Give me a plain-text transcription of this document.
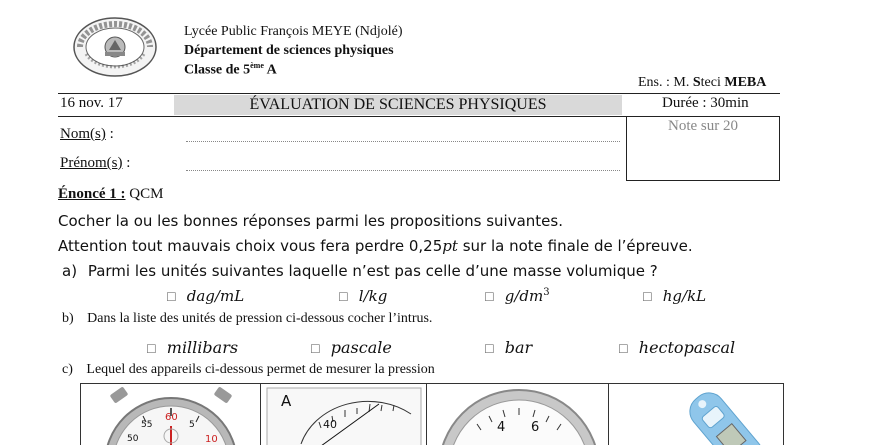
Lycée Public François MEYE (Ndjolé)
Département de sciences physiques
Classe de 5ème A
Ens. : M. Steci MEBA
16 nov. 17	ÉVALUATION DE SCIENCES PHYSIQUES	Durée : 30min
Nom(s) :
Prénom(s) :
Note sur 20
Énoncé 1 : QCM
Cocher la ou les bonnes réponses parmi les propositions suivantes.
Attention tout mauvais choix vous fera perdre 0,25pt sur la note finale de l’épreuve.
a) Parmi les unités suivantes laquelle n’est pas celle d’une masse volumique ?
☐ dag/mL	☐ l/kg	☐ $g/dm^3$	☐ hg/kL
b) Dans la liste des unités de pression ci-dessous cocher l’intrus.
☐ millibars	☐ pascale	☐ bar	☐ hectopascal
c) Lequel des appareils ci-dessous permet de mesurer la pression
55
60
5
50	10
A
40	4 6
